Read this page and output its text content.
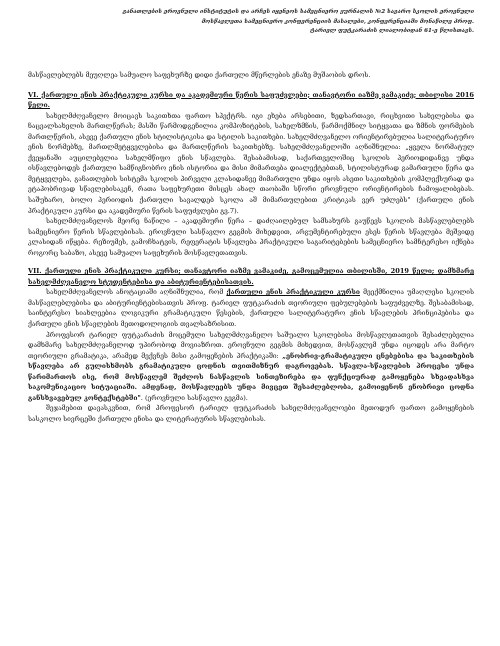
განათლების ეროვნული ინსტიტუტის და არჩეს იყენეოს სამეცნიერო ჟურნალის №2 სავარო სკოლის ეროვნული
მოსწავლეთა სამეცნიერო კონფერენციის მასალები, კონფერენციაში მონაწილე პროფ.
ტარიელ ფუტკარაძის ლიალობიდან 61-ე წლისთავს.

მასწავლებლებს მეუღლეა სამუალო საფეხურზე დიდი ქართული მწერლების ენაზე მუშაობის დროს.

VI. ქართული ენის პრაქტიკული კურსი და აკადემიური წერის საფუძვლები; თანავტორი იაზმე ვამაკიძე; თბილისი 2016 წელი.

სახელმძღვანელო მოიცავს საკითხთა ფართო სპექტრს. იგი ეხება არსებითი, ზედსართავი, რიცხვითი სახელებისა და ნაცვალსახელის მართლწერას; მასში წარმოდგენილია კომპოზიტების, სახელზმნის, წარმოქმნილ სიტყვათა და ზმნის ფორმების მართლწერის, ასევე ქართული ენის სტილისტიკისა და სტილის საკითხები. სახელმძღვანელო ორიენტირებულია სალიტერატურო ენის ნორმებზე, მართლმეტყველებისა და მართლწერის საკითხებზე. სახელმძღვანელოში აღნიშნულია: „ყველა ნორმატულ ქვეყანაში აუცილებელია სახელმწიფო ენის სწავლება. შესაბამისად, საქართველოშიც სკოლის პერიოდიდანვე უნდა ისწავლებოდეს ქართული სამწიგნობრო ენის ისტორია და მისი მიმართება დიალექტებთან, სტილისტურად გამართული წერა და მეტყველება, განათლების სისტემა სკოლის პირველი კლასიდანვე მიმართული უნდა იყოს ასეთი საკითხების კომპლექსურად და ეტაპობრივად სწავლებისაკენ, რათა საფეხურეთი მისცეს ახალ თაობაში სწორი ეროვნული ორიენტირების ჩამოყალიბებას. საშუხარო, ბოლო პერიოდის ქართული სავალდებ სკოლა აშ მიმართულებით კრიტიკას ვერ უძლებს" (ქართული ენის პრაქტიკული კურსი და აკადემიური წერის საფუძვლები გვ.7).

სახელმძღვანელოს მეორე ნაწილი – აკადემიური წერა – დაძღაილებულ სამსახურს გაუწევს სკოლის მასწავლებლებს სამეცნიერო წერის სწავლებისას. ეროვნული სასწავლო გეგმის მიხედვით, არგუმენტირებული ესეს წერის სწავლება მეშვიდე კლასიდან იწყება. რეზიუმეს, გამოჩხატვის, რეფერატის სწავლება პრაქტიკული საგარიტებების სამეცნიერო სამნტერესო იქნება როგორც საბაზო, ასევე სამუალო საფეხურის მოსწავლეთათვის.

VII. ქართული ენის პრაქტიკული კურსი; თანავტორი იაზმე ვამაკიძე, გამოცემულია თბილისში, 2019 წელი; დამხმარე სახელმძღვანელო სტუდენტებისა და აბიტურიენტებისათვის.

სახელმძღვანელოს ანოტაციაში აღნიშნულია, რომ ქართული ენის პრაქტიკული კურსი მეექმნილია უმაღლესი სკოლის მასწავლებლებისა და აბიტურიენტებისათვის პროფ. ტარიელ ფუტკარაძის თეორიული ფებულებების საფუძველზე. შესაბამისად, საინტერესო სიახლეებია ლოგიკური გრამატიკული წესების, ქართული სალიტერატურო ენის სწავლების პრინციპებისა და ქართული ენის სწავლების მეთოდოლოგიის თვალსაზრისით.

პროფესორ ტარიელ ფუტკარაძის მოცემული სახელმძღვანელო საშუალო სკოლებისა მოსწავლეთათვის შესაძლებელია დამხმარე სახელმძღვანელოდ უპირობოდ მოვიაზროთ. ეროვნული გეგმის მიხედვით, მოსწავლემ უნდა იცოდეს არა მარტო თეორიული გრამატიკა, არამედ მექვნეს მისი გამოყენების პრაქტიკაში: „ენობრივ-გრამატიკული ცნებებისა და საკითხების სწავლება არ გულისხმობს გრამატიკული ცოდნის თვითმიზნურ დაგროვებას. სწავლა-სწავლების პროცესი უნდა წარიმართოს ისე, რომ მოსწავლემ შეძლოს ნასწავლის სინთეზირება და ფუნქციურად გამოყენება სხვადასხვა საკომუნიკაციო სიტუაციაში. ამდენად, მოსწავლეებს უნდა მივცეთ შესაძლებლობა, გამოიყენონ ენობრივი ცოდნა განსხვავებულ კონტექსტებში". (ეროვნული სასწავლო გეგმა).

შეჯამებით დავასკვნით, რომ პროფესორ ტარიელ ფუტკარაძის სახელმძღვანელოები მეთოდურ ფართო გამოყენების სასკოლო სივრცეში ქართული ენისა და ლიტერატურის სწავლებისას.
